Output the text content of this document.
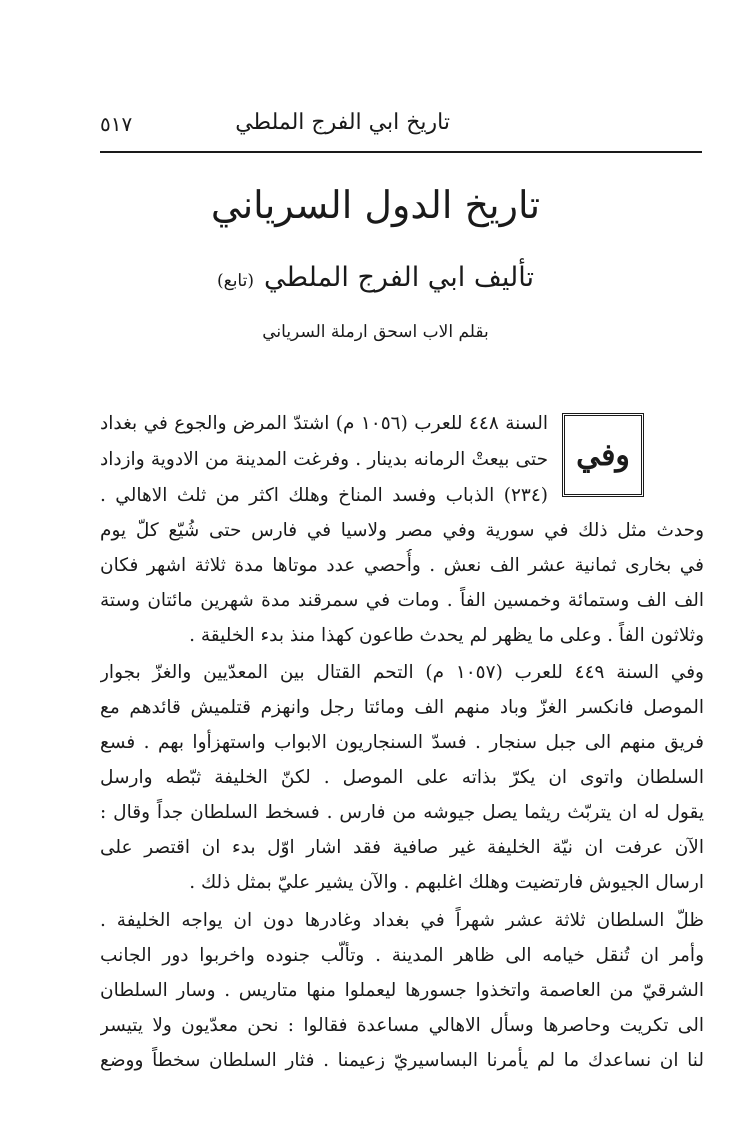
تاريخ ابي الفرج الملطي
٥١٧
تاريخ الدول السرياني
تأليف ابي الفرج الملطي(تابع)
بقلم الاب اسحق ارملة السرياني
وفي
السنة ٤٤٨ للعرب (١٠٥٦ م) اشتدّ المرض والجوع في بغداد
حتى بيعتْ الرمانه بدينار . وفرغت المدينة من الادوية وازداد
(٢٣٤) الذباب وفسد المناخ وهلك اكثر من ثلث الاهالي .
وحدث مثل ذلك في سورية وفي مصر ولاسيا في فارس حتى شُيّع كلّ يوم
في بخارى ثمانية عشر الف نعش . وأُحصي عدد موتاها مدة ثلاثة اشهر فكان
الف الف وستمائة وخمسين الفاً . ومات في سمرقند مدة شهرين مائتان وستة
وثلاثون الفاً . وعلى ما يظهر لم يحدث طاعون كهذا منذ بدء الخليقة .
وفي السنة ٤٤٩ للعرب (١٠٥٧ م) التحم القتال بين المعدّيين والغزّ بجوار
الموصل فانكسر الغزّ وباد منهم الف ومائتا رجل وانهزم قتلميش قائدهم مع
فريق منهم الى جبل سنجار . فسدّ السنجاريون الابواب واستهزأوا بهم . فسع
السلطان واتوى ان يكرّ بذاته على الموصل . لكنّ الخليفة ثبّطه وارسل
يقول له ان يتربّث ريثما يصل جيوشه من فارس . فسخط السلطان جداً وقال :
الآن عرفت ان نيّة الخليفة غير صافية فقد اشار اوّل بدء ان اقتصر على
ارسال الجيوش فارتضيت وهلك اغلبهم . والآن يشير عليّ بمثل ذلك .
ظلّ السلطان ثلاثة عشر شهراً في بغداد وغادرها دون ان يواجه الخليفة .
وأمر ان تُنقل خيامه الى ظاهر المدينة . وتألّب جنوده واخربوا دور الجانب
الشرقيّ من العاصمة واتخذوا جسورها ليعملوا منها متاريس . وسار السلطان
الى تكريت وحاصرها وسأل الاهالي مساعدة فقالوا : نحن معدّيون ولا يتيسر
لنا ان نساعدك ما لم يأمرنا البساسيريّ زعيمنا . فثار السلطان سخطاً ووضع
